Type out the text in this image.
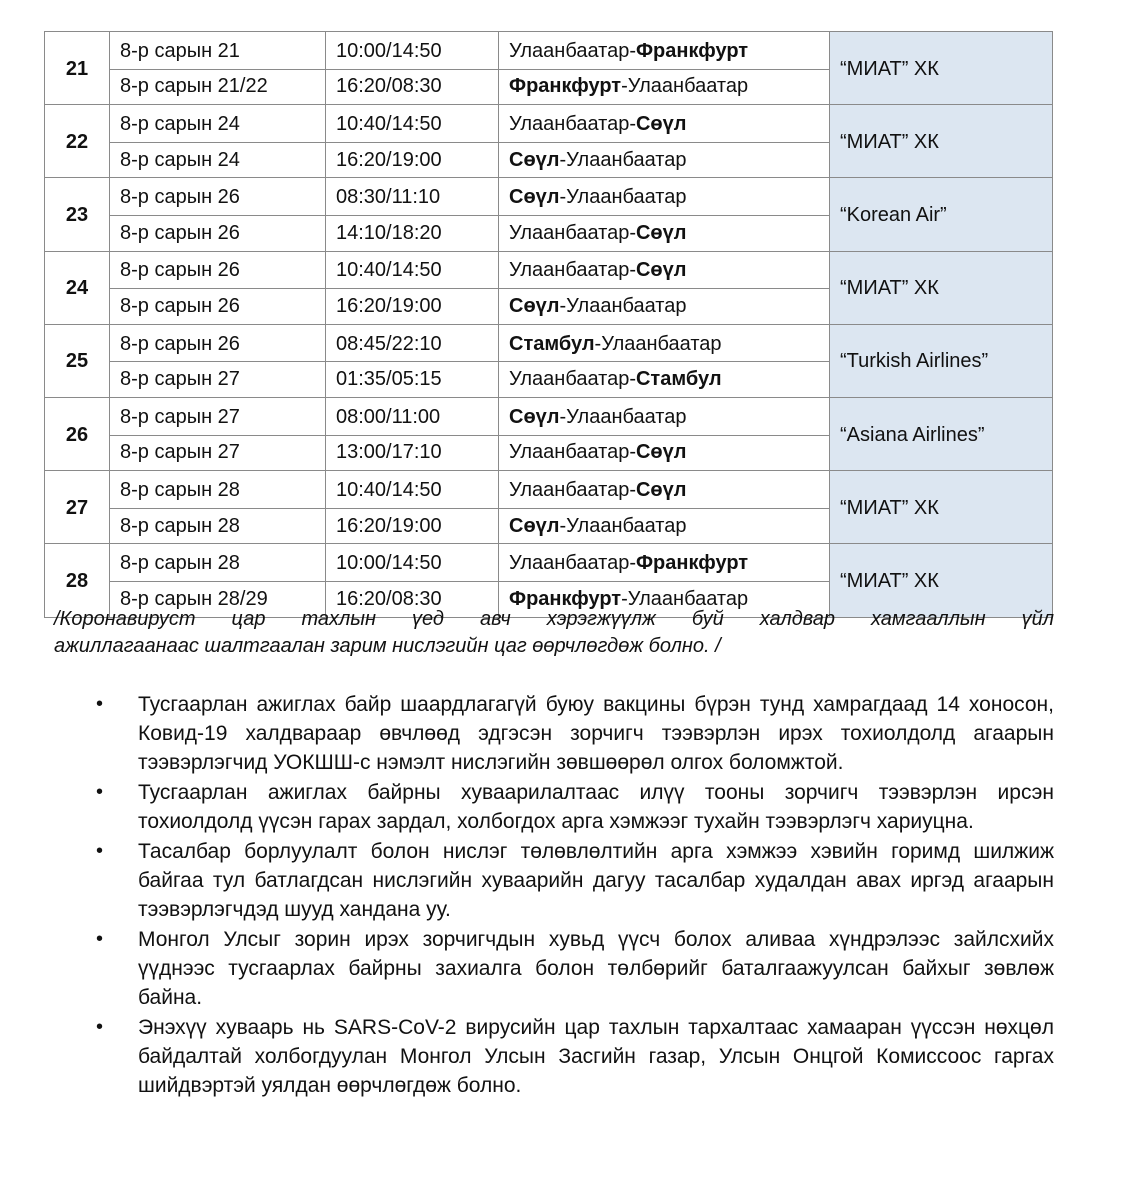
21	8-р сарын 21	10:00/14:50	Улаанбаатар-Франкфурт	“МИАТ” ХК
	8-р сарын 21/22	16:20/08:30	Франкфурт-Улаанбаатар	
22	8-р сарын 24	10:40/14:50	Улаанбаатар-Сөүл	“МИАТ” ХК
	8-р сарын 24	16:20/19:00	Сөүл-Улаанбаатар	
23	8-р сарын 26	08:30/11:10	Сөүл-Улаанбаатар	“Korean Air”
	8-р сарын 26	14:10/18:20	Улаанбаатар-Сөүл	
24	8-р сарын 26	10:40/14:50	Улаанбаатар-Сөүл	“МИАТ” ХК
	8-р сарын 26	16:20/19:00	Сөүл-Улаанбаатар	
25	8-р сарын 26	08:45/22:10	Стамбул-Улаанбаатар	“Turkish Airlines”
	8-р сарын 27	01:35/05:15	Улаанбаатар-Стамбул	
26	8-р сарын 27	08:00/11:00	Сөүл-Улаанбаатар	“Asiana Airlines”
	8-р сарын 27	13:00/17:10	Улаанбаатар-Сөүл	
27	8-р сарын 28	10:40/14:50	Улаанбаатар-Сөүл	“МИАТ” ХК
	8-р сарын 28	16:20/19:00	Сөүл-Улаанбаатар	
28	8-р сарын 28	10:00/14:50	Улаанбаатар-Франкфурт	“МИАТ” ХК
	8-р сарын 28/29	16:20/08:30	Франкфурт-Улаанбаатар	
/Коронавируст цар тахлын үед авч хэрэгжүүлж буй халдвар хамгааллын үйл
ажиллагаанаас шалтгаалан зарим нислэгийн цаг өөрчлөгдөж болно. /
• Тусгаарлан ажиглах байр шаардлагагүй буюу вакцины бүрэн тунд хамрагдаад 14 хоносон, Ковид-19 халдвараар өвчлөөд эдгэсэн зорчигч тээвэрлэн ирэх тохиолдолд агаарын тээвэрлэгчид УОКШШ-с нэмэлт нислэгийн зөвшөөрөл олгох боломжтой.
• Тусгаарлан ажиглах байрны хуваарилалтаас илүү тооны зорчигч тээвэрлэн ирсэн тохиолдолд үүсэн гарах зардал, холбогдох арга хэмжээг тухайн тээвэрлэгч хариуцна.
• Тасалбар борлуулалт болон нислэг төлөвлөлтийн арга хэмжээ хэвийн горимд шилжиж байгаа тул батлагдсан нислэгийн хуваарийн дагуу тасалбар худалдан авах иргэд агаарын тээвэрлэгчдэд шууд хандана уу.
• Монгол Улсыг зорин ирэх зорчигчдын хувьд үүсч болох аливаа хүндрэлээс зайлсхийх үүднээс тусгаарлах байрны захиалга болон төлбөрийг баталгаажуулсан байхыг зөвлөж байна.
• Энэхүү хуваарь нь SARS-CoV-2 вирусийн цар тахлын тархалтаас хамааран үүссэн нөхцөл байдалтай холбогдуулан Монгол Улсын Засгийн газар, Улсын Онцгой Комиссоос гаргах шийдвэртэй уялдан өөрчлөгдөж болно.
